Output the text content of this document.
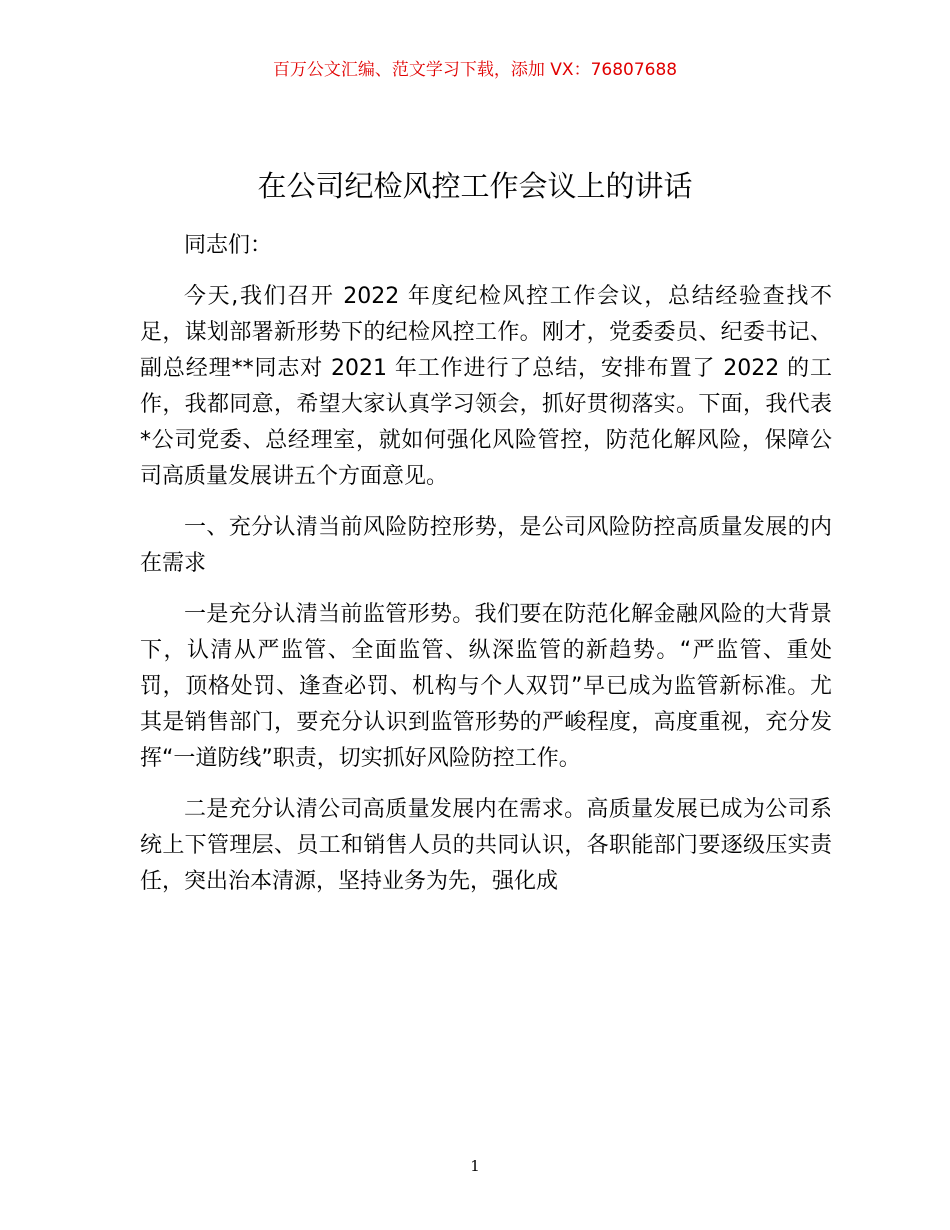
百万公文汇编、范文学习下载，添加 VX：76807688
在公司纪检风控工作会议上的讲话

同志们：

今天,我们召开 2022 年度纪检风控工作会议，总结经验查找不足，谋划部署新形势下的纪检风控工作。刚才，党委委员、纪委书记、副总经理**同志对 2021 年工作进行了总结，安排布置了 2022 的工作，我都同意，希望大家认真学习领会，抓好贯彻落实。下面，我代表*公司党委、总经理室，就如何强化风险管控，防范化解风险，保障公司高质量发展讲五个方面意见。

一、充分认清当前风险防控形势，是公司风险防控高质量发展的内在需求

一是充分认清当前监管形势。我们要在防范化解金融风险的大背景下，认清从严监管、全面监管、纵深监管的新趋势。“严监管、重处罚，顶格处罚、逢查必罚、机构与个人双罚”早已成为监管新标准。尤其是销售部门，要充分认识到监管形势的严峻程度，高度重视，充分发挥“一道防线”职责，切实抓好风险防控工作。

二是充分认清公司高质量发展内在需求。高质量发展已成为公司系统上下管理层、员工和销售人员的共同认识，各职能部门要逐级压实责任，突出治本清源，坚持业务为先，强化成

1
